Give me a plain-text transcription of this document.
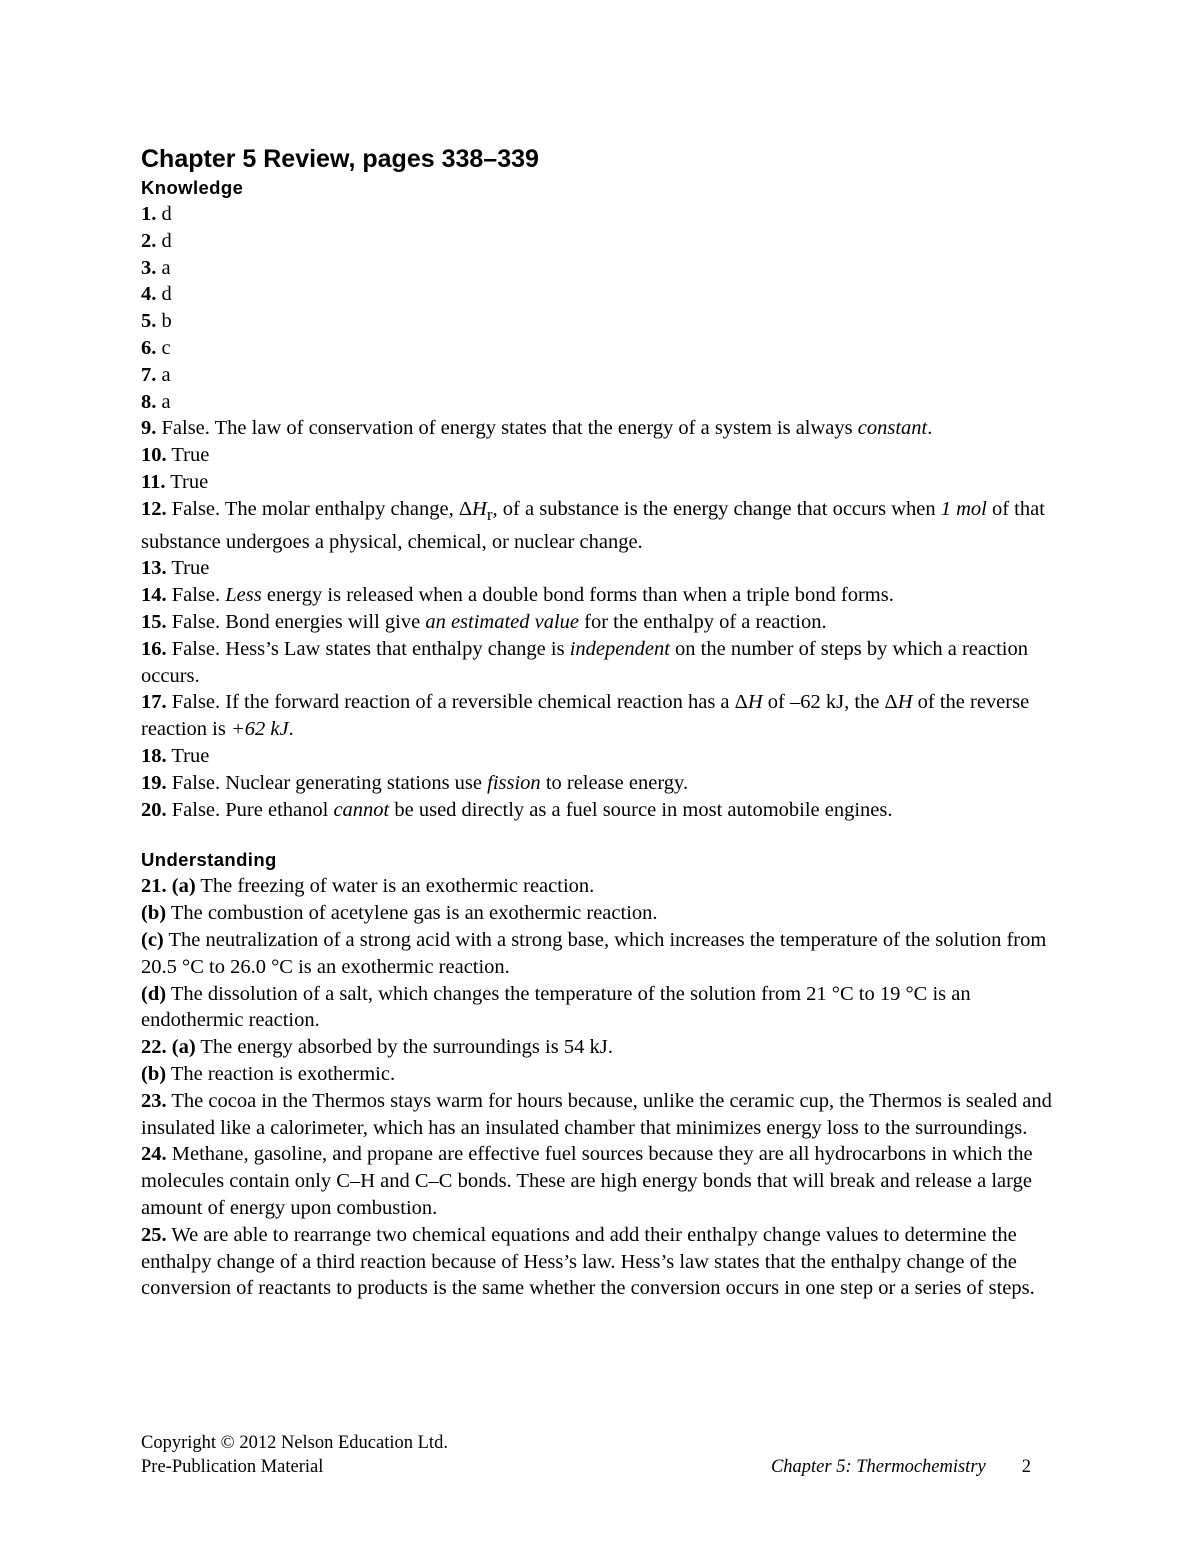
Chapter 5 Review, pages 338–339
Knowledge

1. d

2. d

3. a

4. d

5. b

6. c

7. a

8. a

9. False. The law of conservation of energy states that the energy of a system is always constant.

10. True

11. True

12. False. The molar enthalpy change, $\Delta H_r$, of a substance is the energy change that occurs when 1 mol of that substance undergoes a physical, chemical, or nuclear change.

13. True

14. False. Less energy is released when a double bond forms than when a triple bond forms.

15. False. Bond energies will give an estimated value for the enthalpy of a reaction.

16. False. Hess’s Law states that enthalpy change is independent on the number of steps by which a reaction occurs.

17. False. If the forward reaction of a reversible chemical reaction has a ΔH of –62 kJ, the ΔH of the reverse reaction is +62 kJ.

18. True

19. False. Nuclear generating stations use fission to release energy.

20. False. Pure ethanol cannot be used directly as a fuel source in most automobile engines.

Understanding

21. (a) The freezing of water is an exothermic reaction.

(b) The combustion of acetylene gas is an exothermic reaction.

(c) The neutralization of a strong acid with a strong base, which increases the temperature of the solution from 20.5 °C to 26.0 °C is an exothermic reaction.

(d) The dissolution of a salt, which changes the temperature of the solution from 21 °C to 19 °C is an endothermic reaction.

22. (a) The energy absorbed by the surroundings is 54 kJ.

(b) The reaction is exothermic.

23. The cocoa in the Thermos stays warm for hours because, unlike the ceramic cup, the Thermos is sealed and insulated like a calorimeter, which has an insulated chamber that minimizes energy loss to the surroundings.

24. Methane, gasoline, and propane are effective fuel sources because they are all hydrocarbons in which the molecules contain only C–H and C–C bonds. These are high energy bonds that will break and release a large amount of energy upon combustion.

25. We are able to rearrange two chemical equations and add their enthalpy change values to determine the enthalpy change of a third reaction because of Hess’s law. Hess’s law states that the enthalpy change of the conversion of reactants to products is the same whether the conversion occurs in one step or a series of steps.

Copyright © 2012 Nelson Education Ltd.
Pre-Publication Material	Chapter 5: Thermochemistry 2
